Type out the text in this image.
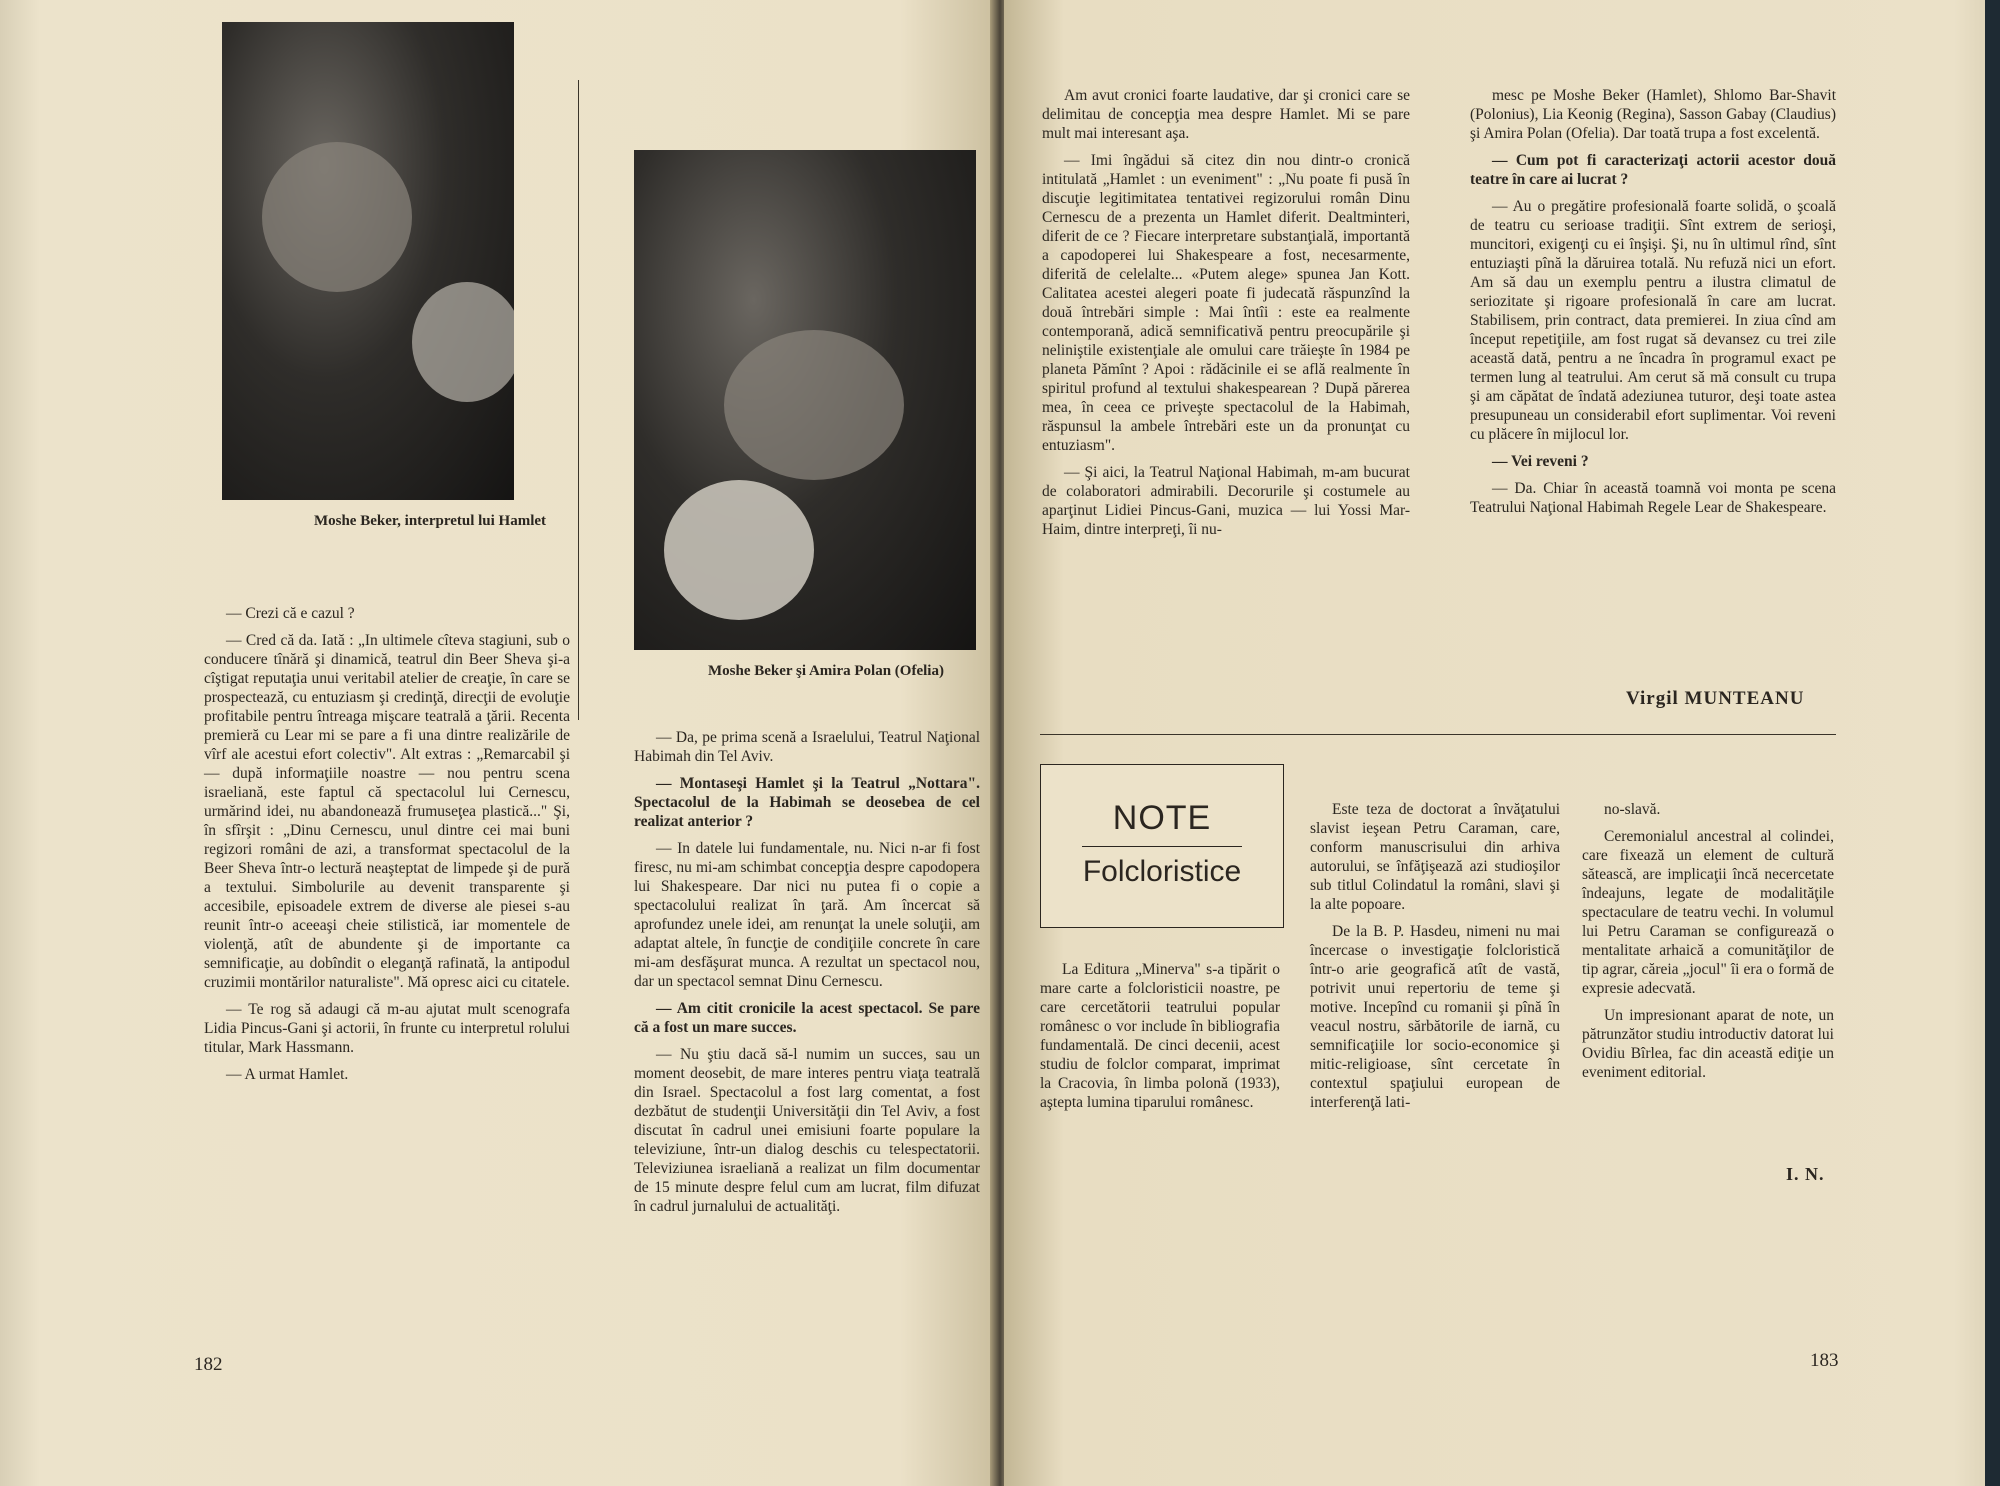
Moshe Beker, interpretul lui Hamlet
Moshe Beker şi Amira Polan (Ofelia)

— Crezi că e cazul ?

— Cred că da. Iată : „In ultimele cîteva stagiuni, sub o conducere tînără şi dinamică, teatrul din Beer Sheva şi-a cîştigat reputaţia unui veritabil atelier de creaţie, în care se prospectează, cu entuziasm şi credinţă, direcţii de evoluţie profitabile pentru întreaga mişcare teatrală a ţării. Recenta premieră cu Lear mi se pare a fi una dintre realizările de vîrf ale acestui efort colectiv". Alt extras : „Remarcabil şi — după informaţiile noastre — nou pentru scena israeliană, este faptul că spectacolul lui Cernescu, urmărind idei, nu abandonează frumuseţea plastică..." Şi, în sfîrşit : „Dinu Cernescu, unul dintre cei mai buni regizori români de azi, a transformat spectacolul de la Beer Sheva într-o lectură neaşteptat de limpede şi de pură a textului. Simbolurile au devenit transparente şi accesibile, episoadele extrem de diverse ale piesei s-au reunit într-o aceeaşi cheie stilistică, iar momentele de violenţă, atît de abundente şi de importante ca semnificaţie, au dobîndit o eleganţă rafinată, la antipodul cruzimii montărilor naturaliste". Mă opresc aici cu citatele.

— Te rog să adaugi că m-au ajutat mult scenografa Lidia Pincus-Gani şi actorii, în frunte cu interpretul rolului titular, Mark Hassmann.

— A urmat Hamlet.

— Da, pe prima scenă a Israelului, Teatrul Naţional Habimah din Tel Aviv.

— Montaseşi Hamlet şi la Teatrul „Nottara". Spectacolul de la Habimah se deosebea de cel realizat anterior ?

— In datele lui fundamentale, nu. Nici n-ar fi fost firesc, nu mi-am schimbat concepţia despre capodopera lui Shakespeare. Dar nici nu putea fi o copie a spectacolului realizat în ţară. Am încercat să aprofundez unele idei, am renunţat la unele soluţii, am adaptat altele, în funcţie de condiţiile concrete în care mi-am desfăşurat munca. A rezultat un spectacol nou, dar un spectacol semnat Dinu Cernescu.

— Am citit cronicile la acest spectacol. Se pare că a fost un mare succes.

— Nu ştiu dacă să-l numim un succes, sau un moment deosebit, de mare interes pentru viaţa teatrală din Israel. Spectacolul a fost larg comentat, a fost dezbătut de studenţii Universităţii din Tel Aviv, a fost discutat în cadrul unei emisiuni foarte populare la televiziune, într-un dialog deschis cu telespectatorii. Televiziunea israeliană a realizat un film documentar de 15 minute despre felul cum am lucrat, film difuzat în cadrul jurnalului de actualităţi.

182

Am avut cronici foarte laudative, dar şi cronici care se delimitau de concepţia mea despre Hamlet. Mi se pare mult mai interesant aşa.

— Imi îngădui să citez din nou dintr-o cronică intitulată „Hamlet : un eveniment" : „Nu poate fi pusă în discuţie legitimitatea tentativei regizorului român Dinu Cernescu de a prezenta un Hamlet diferit. Dealtminteri, diferit de ce ? Fiecare interpretare substanţială, importantă a capodoperei lui Shakespeare a fost, necesarmente, diferită de celelalte... «Putem alege» spunea Jan Kott. Calitatea acestei alegeri poate fi judecată răspunzînd la două întrebări simple : Mai întîi : este ea realmente contemporană, adică semnificativă pentru preocupările şi neliniştile existenţiale ale omului care trăieşte în 1984 pe planeta Pămînt ? Apoi : rădăcinile ei se află realmente în spiritul profund al textului shakespearean ? După părerea mea, în ceea ce priveşte spectacolul de la Habimah, răspunsul la ambele întrebări este un da pronunţat cu entuziasm".

— Şi aici, la Teatrul Naţional Habimah, m-am bucurat de colaboratori admirabili. Decorurile şi costumele au aparţinut Lidiei Pincus-Gani, muzica — lui Yossi Mar-Haim, dintre interpreţi, îi nu-

mesc pe Moshe Beker (Hamlet), Shlomo Bar-Shavit (Polonius), Lia Keonig (Regina), Sasson Gabay (Claudius) şi Amira Polan (Ofelia). Dar toată trupa a fost excelentă.

— Cum pot fi caracterizaţi actorii acestor două teatre în care ai lucrat ?

— Au o pregătire profesională foarte solidă, o şcoală de teatru cu serioase tradiţii. Sînt extrem de serioşi, muncitori, exigenţi cu ei înşişi. Şi, nu în ultimul rînd, sînt entuziaşti pînă la dăruirea totală. Nu refuză nici un efort. Am să dau un exemplu pentru a ilustra climatul de seriozitate şi rigoare profesională în care am lucrat. Stabilisem, prin contract, data premierei. In ziua cînd am început repetiţiile, am fost rugat să devansez cu trei zile această dată, pentru a ne încadra în programul exact pe termen lung al teatrului. Am cerut să mă consult cu trupa şi am căpătat de îndată adeziunea tuturor, deşi toate astea presupuneau un considerabil efort suplimentar. Voi reveni cu plăcere în mijlocul lor.

— Vei reveni ?

— Da. Chiar în această toamnă voi monta pe scena Teatrului Naţional Habimah Regele Lear de Shakespeare.

Virgil MUNTEANU
NOTE
Folcloristice

La Editura „Minerva" s-a tipărit o mare carte a folcloristicii noastre, pe care cercetătorii teatrului popular românesc o vor include în bibliografia fundamentală. De cinci decenii, acest studiu de folclor comparat, imprimat la Cracovia, în limba polonă (1933), aştepta lumina tiparului românesc.

Este teza de doctorat a învăţatului slavist ieşean Petru Caraman, care, conform manuscrisului din arhiva autorului, se înfăţişează azi studioşilor sub titlul Colindatul la români, slavi şi la alte popoare.

De la B. P. Hasdeu, nimeni nu mai încercase o investigaţie folcloristică într-o arie geografică atît de vastă, potrivit unui repertoriu de teme şi motive. Incepînd cu romanii şi pînă în veacul nostru, sărbătorile de iarnă, cu semnificaţiile lor socio-economice şi mitic-religioase, sînt cercetate în contextul spaţiului european de interferenţă lati-

no-slavă.

Ceremonialul ancestral al colindei, care fixează un element de cultură sătească, are implicaţii încă necercetate îndeajuns, legate de modalităţile spectaculare de teatru vechi. In volumul lui Petru Caraman se configurează o mentalitate arhaică a comunităţilor de tip agrar, căreia „jocul" îi era o formă de expresie adecvată.

Un impresionant aparat de note, un pătrunzător studiu introductiv datorat lui Ovidiu Bîrlea, fac din această ediţie un eveniment editorial.

I. N.
183
